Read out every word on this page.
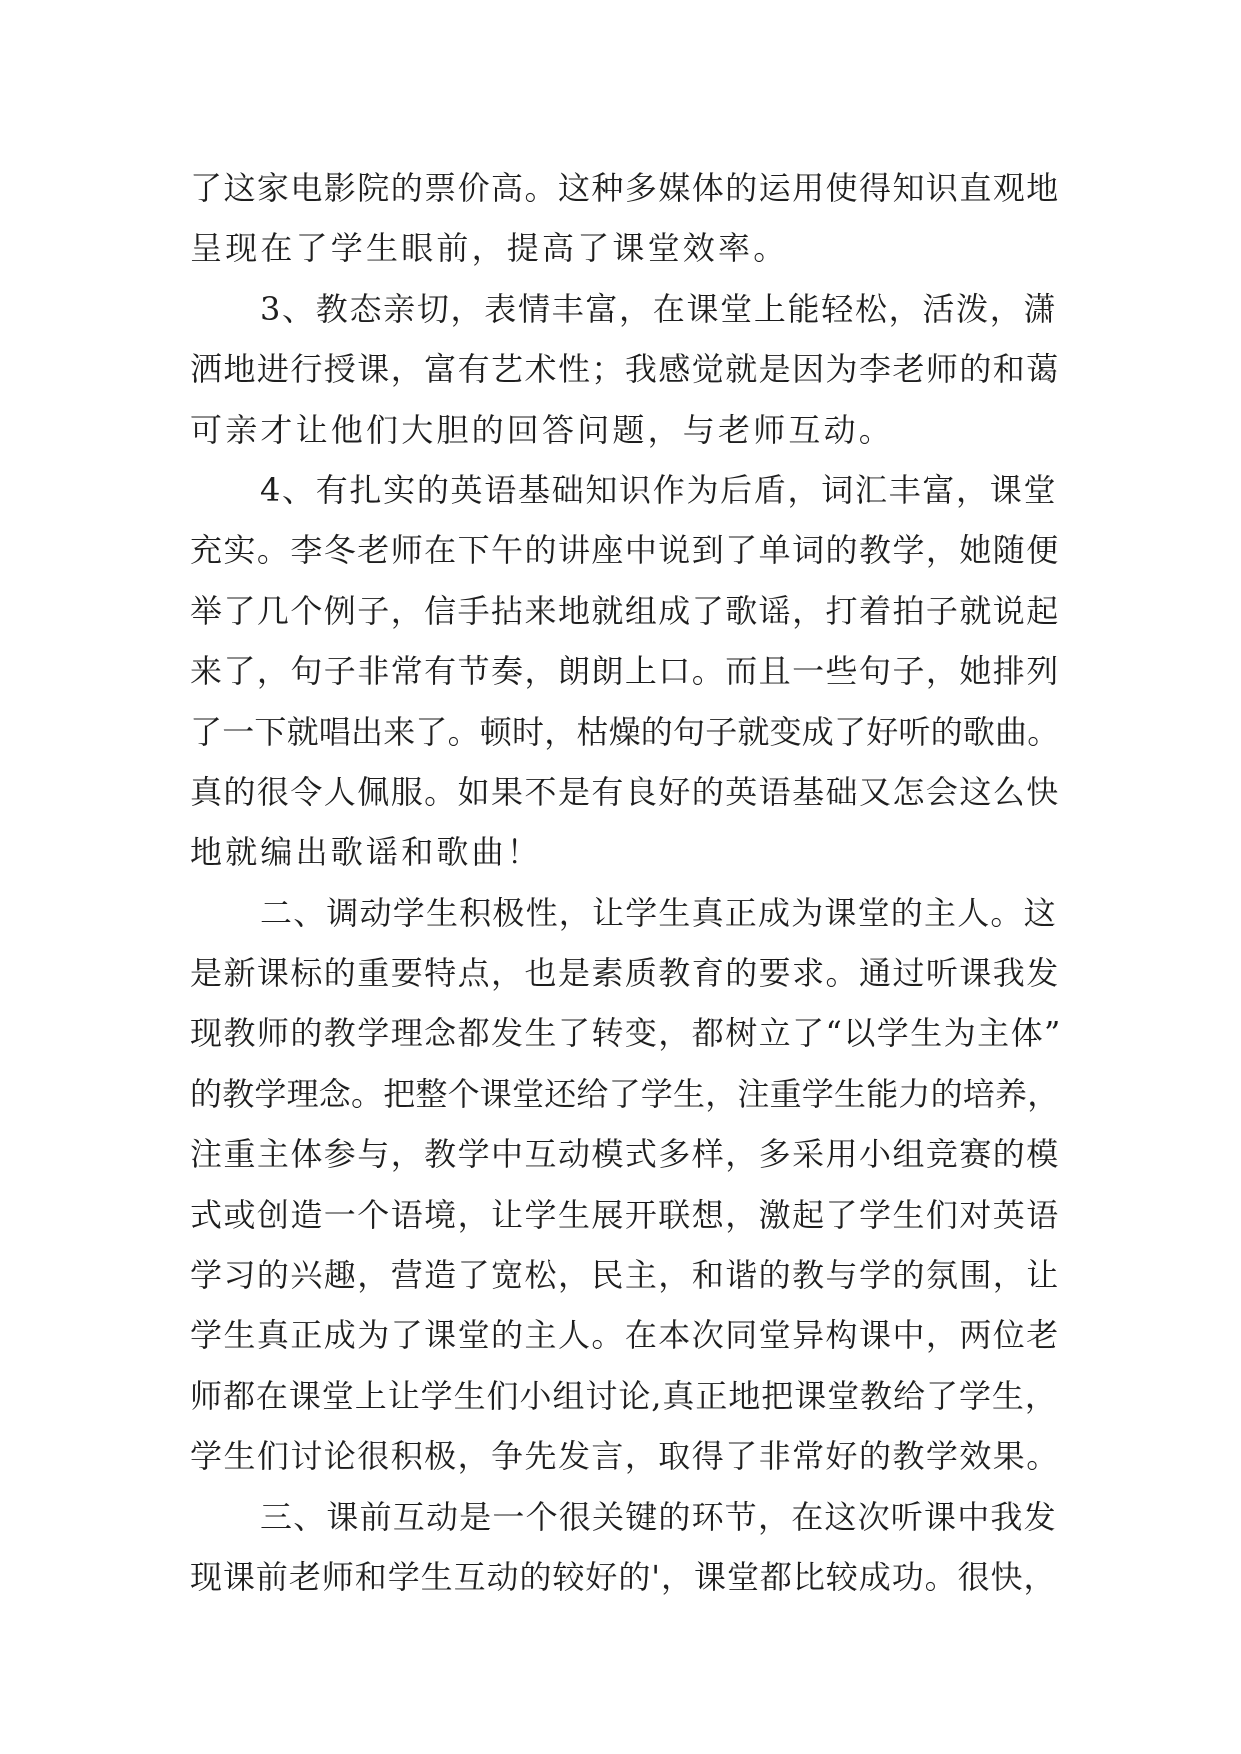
了这家电影院的票价高。这种多媒体的运用使得知识直观地
呈现在了学生眼前，提高了课堂效率。
3、教态亲切，表情丰富，在课堂上能轻松，活泼，潇
洒地进行授课，富有艺术性；我感觉就是因为李老师的和蔼
可亲才让他们大胆的回答问题，与老师互动。
4、有扎实的英语基础知识作为后盾，词汇丰富，课堂
充实。李冬老师在下午的讲座中说到了单词的教学，她随便
举了几个例子，信手拈来地就组成了歌谣，打着拍子就说起
来了，句子非常有节奏，朗朗上口。而且一些句子，她排列
了一下就唱出来了。顿时，枯燥的句子就变成了好听的歌曲。
真的很令人佩服。如果不是有良好的英语基础又怎会这么快
地就编出歌谣和歌曲！
二、调动学生积极性，让学生真正成为课堂的主人。这
是新课标的重要特点，也是素质教育的要求。通过听课我发
现教师的教学理念都发生了转变，都树立了“以学生为主体”
的教学理念。把整个课堂还给了学生，注重学生能力的培养，
注重主体参与，教学中互动模式多样，多采用小组竞赛的模
式或创造一个语境，让学生展开联想，激起了学生们对英语
学习的兴趣，营造了宽松，民主，和谐的教与学的氛围，让
学生真正成为了课堂的主人。在本次同堂异构课中，两位老
师都在课堂上让学生们小组讨论,真正地把课堂教给了学生，
学生们讨论很积极，争先发言，取得了非常好的教学效果。
三、课前互动是一个很关键的环节，在这次听课中我发
现课前老师和学生互动的较好的'，课堂都比较成功。很快，
